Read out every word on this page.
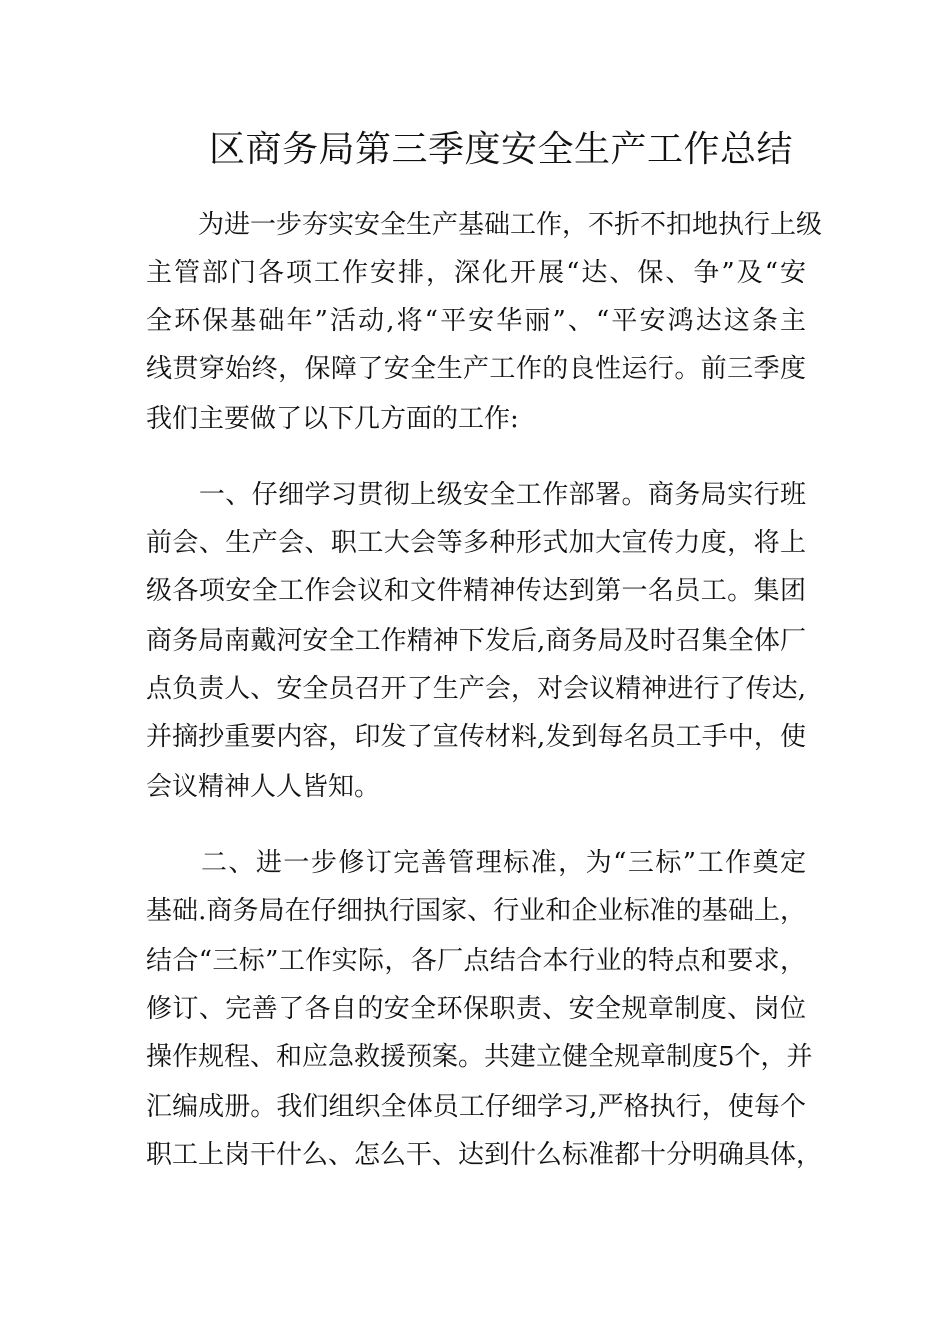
区商务局第三季度安全生产工作总结
　　为进一步夯实安全生产基础工作，不折不扣地执行上级
主管部门各项工作安排，深化开展“达、保、争”及“安
全环保基础年”活动,将“平安华丽”、“平安鸿达这条主
线贯穿始终，保障了安全生产工作的良性运行。前三季度
我们主要做了以下几方面的工作:
　　一、仔细学习贯彻上级安全工作部署。商务局实行班
前会、生产会、职工大会等多种形式加大宣传力度，将上
级各项安全工作会议和文件精神传达到第一名员工。集团
商务局南戴河安全工作精神下发后,商务局及时召集全体厂
点负责人、安全员召开了生产会，对会议精神进行了传达,
并摘抄重要内容，印发了宣传材料,发到每名员工手中，使
会议精神人人皆知。
　　二、进一步修订完善管理标准，为“三标”工作奠定
基础.商务局在仔细执行国家、行业和企业标准的基础上，
结合“三标”工作实际，各厂点结合本行业的特点和要求，
修订、完善了各自的安全环保职责、安全规章制度、岗位
操作规程、和应急救援预案。共建立健全规章制度5个，并
汇编成册。我们组织全体员工仔细学习,严格执行，使每个
职工上岗干什么、怎么干、达到什么标准都十分明确具体，
